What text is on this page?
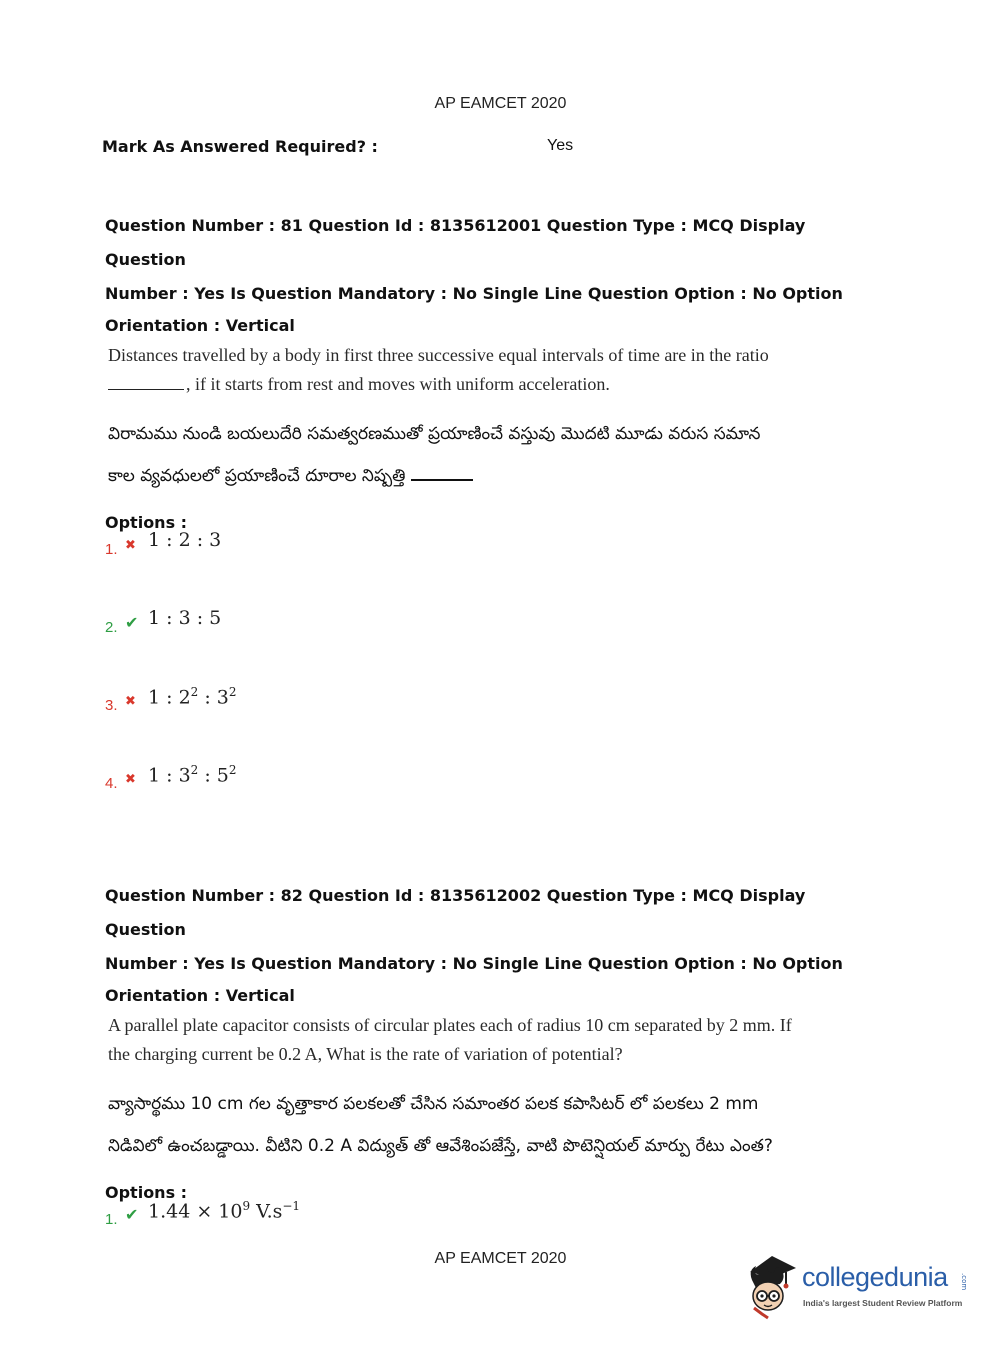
AP EAMCET 2020
Mark As Answered Required? :	Yes

Question Number : 81 Question Id : 8135612001 Question Type : MCQ Display Question

Number : Yes Is Question Mandatory : No Single Line Question Option : No Option

Orientation : Vertical

Distances travelled by a body in first three successive equal intervals of time are in the ratio
, if it starts from rest and moves with uniform acceleration.
విరామము నుండి బయలుదేరి సమత్వరణముతో ప్రయాణించే వస్తువు మొదటి మూడు వరుస సమాన
కాల వ్యవధులలో ప్రయాణించే దూరాల నిష్పత్తి

Options :

1. ✖ 1 : 2 : 3
2. ✔ 1 : 3 : 5
3. ✖ 1 : $2^2$ : $3^2$
4. ✖ 1 : $3^2$ : $5^2$

Question Number : 82 Question Id : 8135612002 Question Type : MCQ Display Question

Number : Yes Is Question Mandatory : No Single Line Question Option : No Option

Orientation : Vertical

A parallel plate capacitor consists of circular plates each of radius 10 cm separated by 2 mm. If
the charging current be 0.2 A, What is the rate of variation of potential?
వ్యాసార్థము 10 cm గల వృత్తాకార పలకలతో చేసిన సమాంతర పలక కపాసిటర్ లో పలకలు 2 mm
నిడివిలో ఉంచబడ్డాయి. వీటిని 0.2 A విద్యుత్ తో ఆవేశింపజేస్తే, వాటి పొటెన్షియల్ మార్పు రేటు ఎంత?

Options :

1. ✔ $1.44 \times 10^9$ $V.s^{-1}$
AP EAMCET 2020
collegedunia .com
India's largest Student Review Platform
